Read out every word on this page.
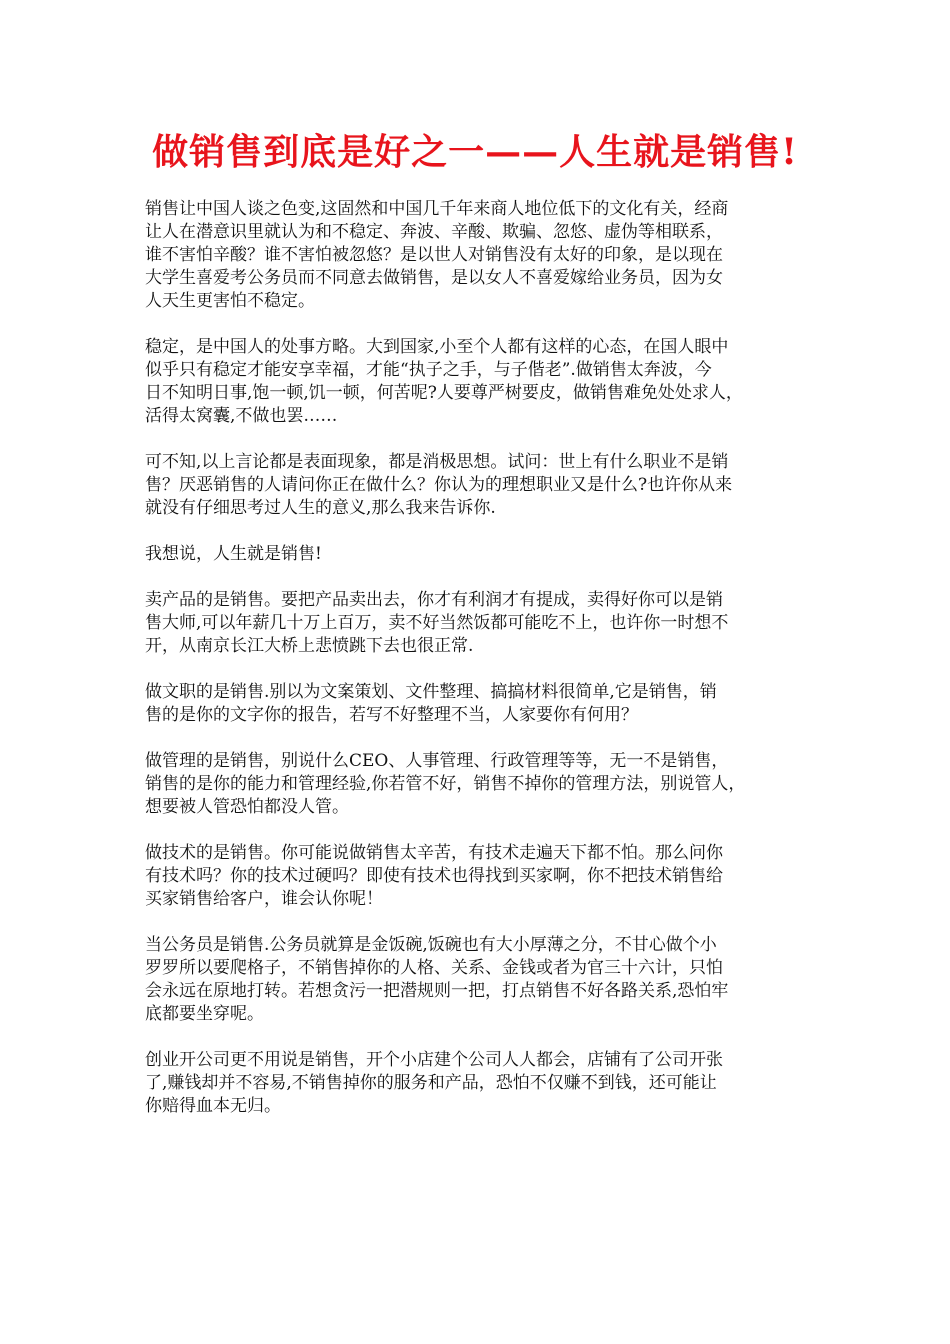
做销售到底是好之一——人生就是销售!
销售让中国人谈之色变,这固然和中国几千年来商人地位低下的文化有关，经商
让人在潜意识里就认为和不稳定、奔波、辛酸、欺骗、忽悠、虚伪等相联系，
谁不害怕辛酸？谁不害怕被忽悠？是以世人对销售没有太好的印象，是以现在
大学生喜爱考公务员而不同意去做销售，是以女人不喜爱嫁给业务员，因为女
人天生更害怕不稳定。
稳定，是中国人的处事方略。大到国家,小至个人都有这样的心态，在国人眼中
似乎只有稳定才能安享幸福，才能“执子之手，与子偕老”.做销售太奔波，今
日不知明日事,饱一顿,饥一顿，何苦呢?人要尊严树要皮，做销售难免处处求人，
活得太窝囊,不做也罢……
可不知,以上言论都是表面现象，都是消极思想。试问：世上有什么职业不是销
售？厌恶销售的人请问你正在做什么？你认为的理想职业又是什么?也许你从来
就没有仔细思考过人生的意义,那么我来告诉你.
我想说，人生就是销售!
卖产品的是销售。要把产品卖出去，你才有利润才有提成，卖得好你可以是销
售大师,可以年薪几十万上百万，卖不好当然饭都可能吃不上，也许你一时想不
开，从南京长江大桥上悲愤跳下去也很正常.
做文职的是销售.别以为文案策划、文件整理、搞搞材料很简单,它是销售，销
售的是你的文字你的报告，若写不好整理不当，人家要你有何用？
做管理的是销售，别说什么CEO、人事管理、行政管理等等，无一不是销售，
销售的是你的能力和管理经验,你若管不好，销售不掉你的管理方法，别说管人，
想要被人管恐怕都没人管。
做技术的是销售。你可能说做销售太辛苦，有技术走遍天下都不怕。那么问你
有技术吗？你的技术过硬吗？即使有技术也得找到买家啊，你不把技术销售给
买家销售给客户，谁会认你呢！
当公务员是销售.公务员就算是金饭碗,饭碗也有大小厚薄之分，不甘心做个小
罗罗所以要爬格子，不销售掉你的人格、关系、金钱或者为官三十六计，只怕
会永远在原地打转。若想贪污一把潜规则一把，打点销售不好各路关系,恐怕牢
底都要坐穿呢。
创业开公司更不用说是销售，开个小店建个公司人人都会，店铺有了公司开张
了,赚钱却并不容易,不销售掉你的服务和产品，恐怕不仅赚不到钱，还可能让
你赔得血本无归。
